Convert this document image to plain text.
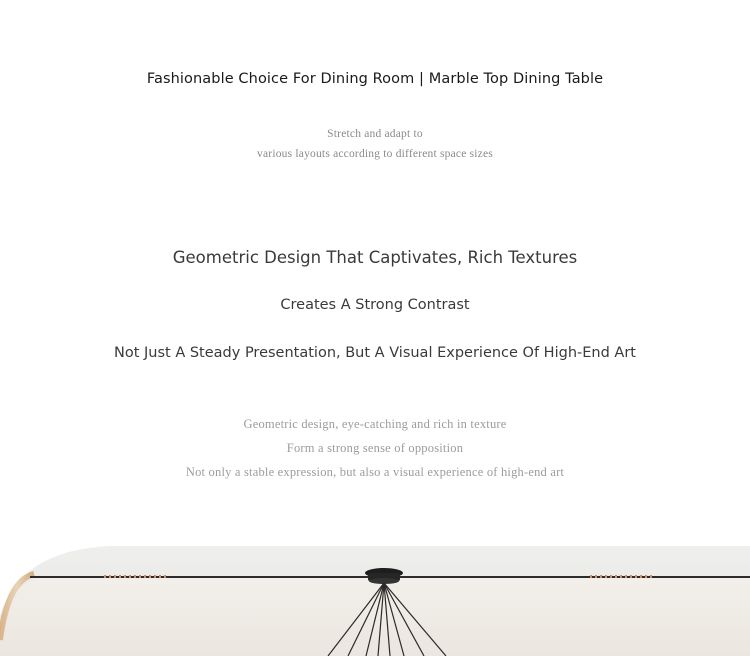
Fashionable Choice For Dining Room | Marble Top Dining Table
Stretch and adapt to
various layouts according to different space sizes
Geometric Design That Captivates, Rich Textures
Creates A Strong Contrast
Not Just A Steady Presentation, But A Visual Experience Of High-End Art
Geometric design, eye-catching and rich in texture
Form a strong sense of opposition
Not only a stable expression, but also a visual experience of high-end art
